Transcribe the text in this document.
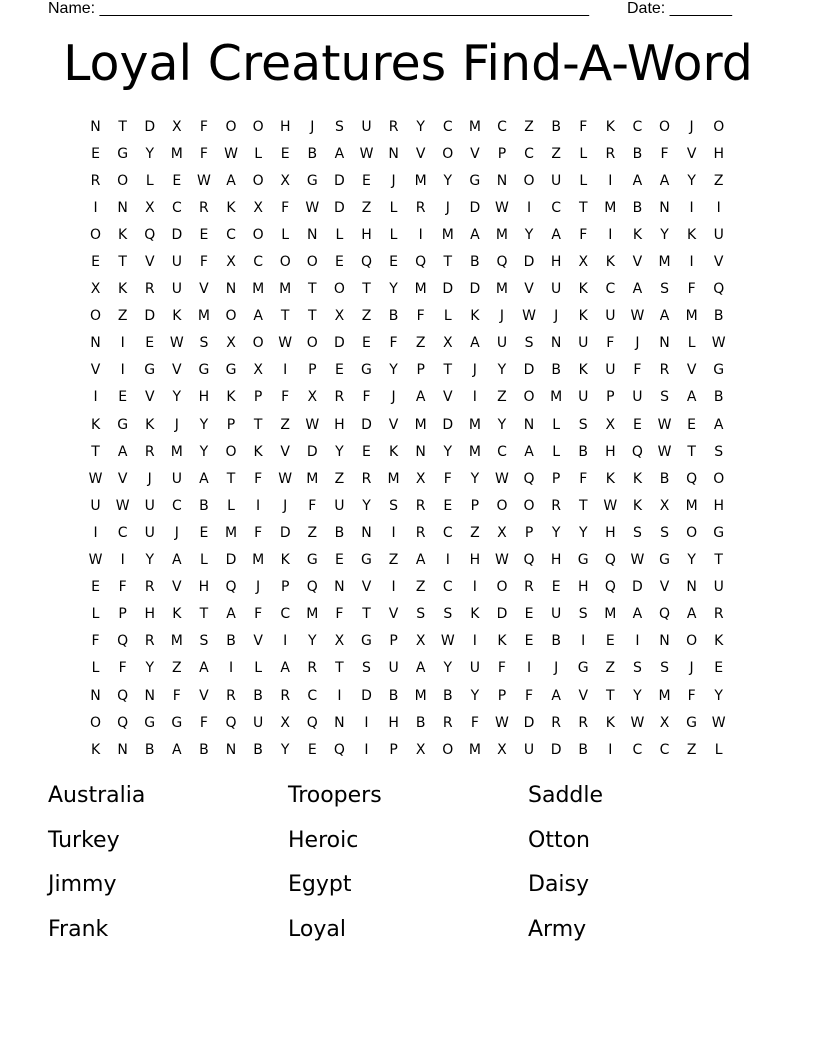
Name: _______________________________________________________ Date: _______
Loyal Creatures Find-A-Word
N	T	D	X	F	O	O	H	J	S	U	R	Y	C	M	C	Z	B	F	K	C	O	J	O
E	G	Y	M	F	W	L	E	B	A	W	N	V	O	V	P	C	Z	L	R	B	F	V	H
R	O	L	E	W	A	O	X	G	D	E	J	M	Y	G	N	O	U	L	I	A	A	Y	Z
I	N	X	C	R	K	X	F	W	D	Z	L	R	J	D	W	I	C	T	M	B	N	I	I
O	K	Q	D	E	C	O	L	N	L	H	L	I	M	A	M	Y	A	F	I	K	Y	K	U
E	T	V	U	F	X	C	O	O	E	Q	E	Q	T	B	Q	D	H	X	K	V	M	I	V
X	K	R	U	V	N	M	M	T	O	T	Y	M	D	D	M	V	U	K	C	A	S	F	Q
O	Z	D	K	M	O	A	T	T	X	Z	B	F	L	K	J	W	J	K	U	W	A	M	B
N	I	E	W	S	X	O	W	O	D	E	F	Z	X	A	U	S	N	U	F	J	N	L	W
V	I	G	V	G	G	X	I	P	E	G	Y	P	T	J	Y	D	B	K	U	F	R	V	G
I	E	V	Y	H	K	P	F	X	R	F	J	A	V	I	Z	O	M	U	P	U	S	A	B
K	G	K	J	Y	P	T	Z	W	H	D	V	M	D	M	Y	N	L	S	X	E	W	E	A
T	A	R	M	Y	O	K	V	D	Y	E	K	N	Y	M	C	A	L	B	H	Q	W	T	S
W	V	J	U	A	T	F	W	M	Z	R	M	X	F	Y	W	Q	P	F	K	K	B	Q	O
U	W	U	C	B	L	I	J	F	U	Y	S	R	E	P	O	O	R	T	W	K	X	M	H
I	C	U	J	E	M	F	D	Z	B	N	I	R	C	Z	X	P	Y	Y	H	S	S	O	G
W	I	Y	A	L	D	M	K	G	E	G	Z	A	I	H	W	Q	H	G	Q	W	G	Y	T
E	F	R	V	H	Q	J	P	Q	N	V	I	Z	C	I	O	R	E	H	Q	D	V	N	U
L	P	H	K	T	A	F	C	M	F	T	V	S	S	K	D	E	U	S	M	A	Q	A	R
F	Q	R	M	S	B	V	I	Y	X	G	P	X	W	I	K	E	B	I	E	I	N	O	K
L	F	Y	Z	A	I	L	A	R	T	S	U	A	Y	U	F	I	J	G	Z	S	S	J	E
N	Q	N	F	V	R	B	R	C	I	D	B	M	B	Y	P	F	A	V	T	Y	M	F	Y
O	Q	G	G	F	Q	U	X	Q	N	I	H	B	R	F	W	D	R	R	K	W	X	G	W
K	N	B	A	B	N	B	Y	E	Q	I	P	X	O	M	X	U	D	B	I	C	C	Z	L
Australia	Troopers	Saddle
Turkey	Heroic	Otton
Jimmy	Egypt	Daisy
Frank	Loyal	Army
